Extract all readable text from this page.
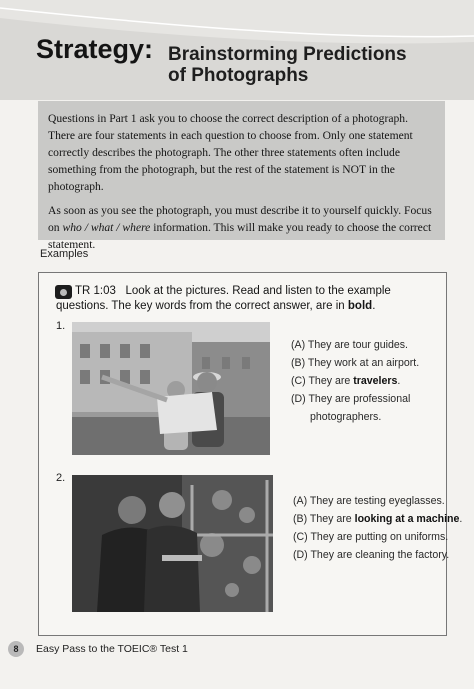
Strategy: Brainstorming Predictions
of Photographs

Questions in Part 1 ask you to choose the correct description of a photograph. There are four statements in each question to choose from. Only one statement correctly describes the photograph. The other three statements often include something from the photograph, but the rest of the statement is NOT in the photograph.

As soon as you see the photograph, you must describe it to yourself quickly. Focus on who / what / where information. This will make you ready to choose the correct statement.

Examples
TR 1:03 Look at the pictures. Read and listen to the example questions. The key words from the correct answer, are in bold.
1.
(A) They are tour guides.
(B) They work at an airport.
(C) They are travelers.
(D) They are professional
photographers.
2.
(A) They are testing eyeglasses.
(B) They are looking at a machine.
(C) They are putting on uniforms.
(D) They are cleaning the factory.
8	Easy Pass to the TOEIC® Test 1
